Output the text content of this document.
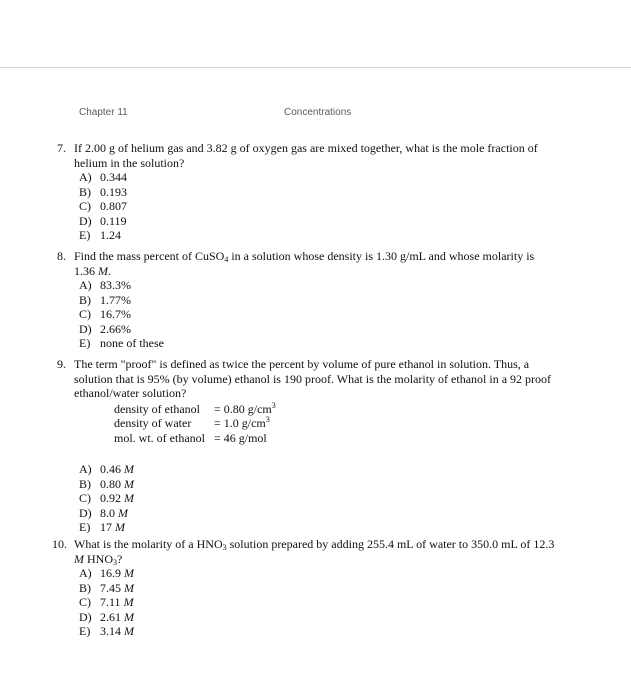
Chapter 11	Concentrations
7. If 2.00 g of helium gas and 3.82 g of oxygen gas are mixed together, what is the mole fraction of helium in the solution?
A) 0.344
B) 0.193
C) 0.807
D) 0.119
E) 1.24
8. Find the mass percent of CuSO$_4$ in a solution whose density is 1.30 g/mL and whose molarity is 1.36 M.
A) 83.3%
B) 1.77%
C) 16.7%
D) 2.66%
E) none of these
9. The term "proof" is defined as twice the percent by volume of pure ethanol in solution. Thus, a solution that is 95% (by volume) ethanol is 190 proof. What is the molarity of ethanol in a 92 proof ethanol/water solution?
density of ethanol = 0.80 $g/cm^3$
density of water = 1.0 $g/cm^3$
mol. wt. of ethanol = 46 g/mol
A) 0.46 M
B) 0.80 M
C) 0.92 M
D) 8.0 M
E) 17 M
10. What is the molarity of a $HNO_3$ solution prepared by adding 255.4 mL of water to 350.0 mL of 12.3 M $HNO_3$?
A) 16.9 M
B) 7.45 M
C) 7.11 M
D) 2.61 M
E) 3.14 M
